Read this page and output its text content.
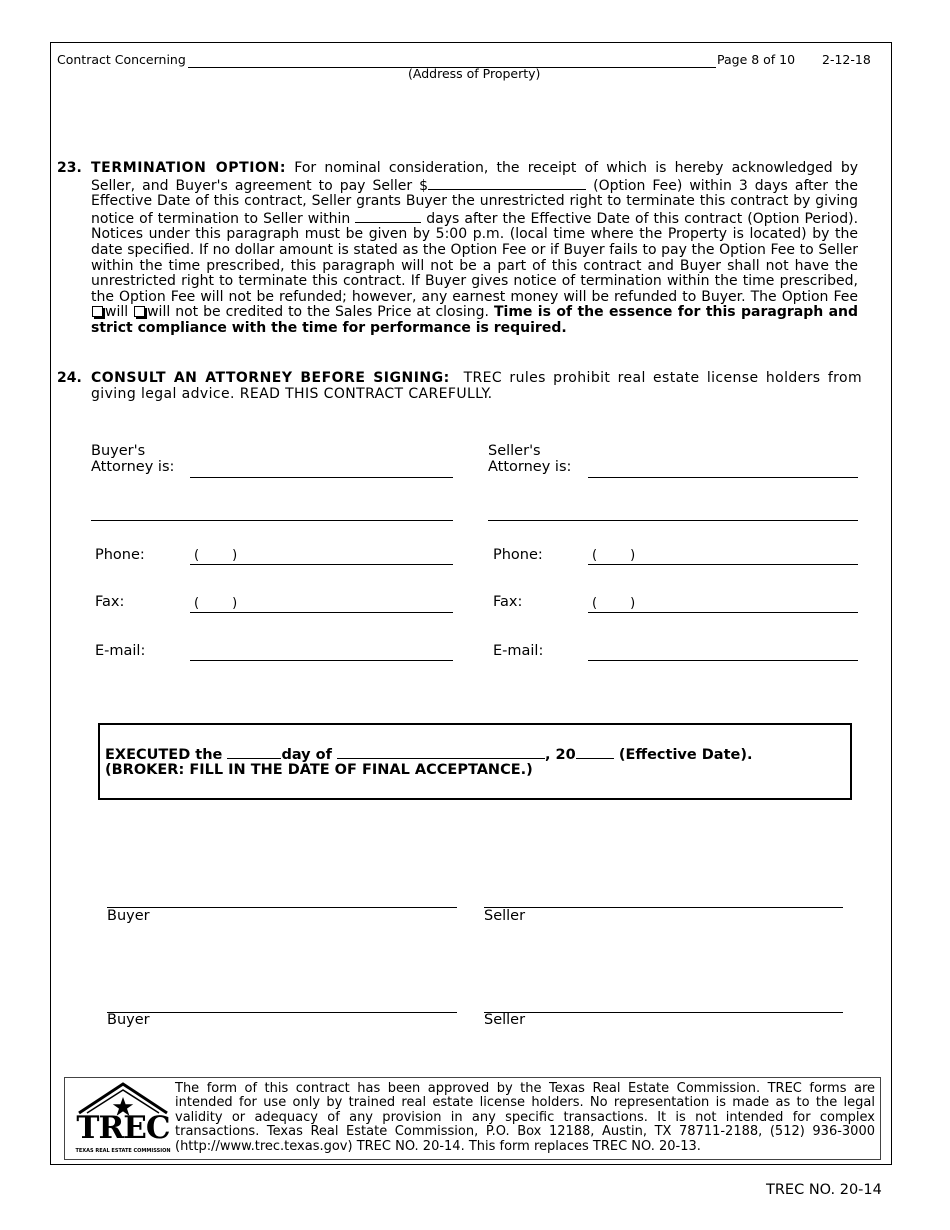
Contract Concerning
(Address of Property)
Page 8 of 10 2-12-18
23. TERMINATION OPTION: For nominal consideration, the receipt of which is hereby acknowledged by Seller, and Buyer's agreement to pay Seller $	(Option Fee) within 3 days after the Effective Date of this contract, Seller grants Buyer the unrestricted right to terminate this contract by giving notice of termination to Seller within	days after the Effective Date of this contract (Option Period). Notices under this paragraph must be given by 5:00 p.m. (local time where the Property is located) by the date specified. If no dollar amount is stated as the Option Fee or if Buyer fails to pay the Option Fee to Seller within the time prescribed, this paragraph will not be a part of this contract and Buyer shall not have the unrestricted right to terminate this contract. If Buyer gives notice of termination within the time prescribed, the Option Fee will not be refunded; however, any earnest money will be refunded to Buyer. The Option Fee will will not be credited to the Sales Price at closing. Time is of the essence for this paragraph and strict compliance with the time for performance is required.
24. CONSULT AN ATTORNEY BEFORE SIGNING: TREC rules prohibit real estate license holders from giving legal advice. READ THIS CONTRACT CAREFULLY.
Buyer's
Attorney is:
Phone:	(        )
Fax:	(        )
E-mail:
Seller's
Attorney is:
Phone:	(        )
Fax:	(        )
E-mail:
EXECUTED the	day of	, 20	(Effective Date).
(BROKER: FILL IN THE DATE OF FINAL ACCEPTANCE.)
Buyer	Seller
Buyer	Seller
TREC
TEXAS REAL ESTATE COMMISSION
The form of this contract has been approved by the Texas Real Estate Commission. TREC forms are intended for use only by trained real estate license holders. No representation is made as to the legal validity or adequacy of any provision in any specific transactions. It is not intended for complex transactions. Texas Real Estate Commission, P.O. Box 12188, Austin, TX 78711-2188, (512) 936-3000 (http://www.trec.texas.gov) TREC NO. 20-14. This form replaces TREC NO. 20-13.
TREC NO. 20-14
